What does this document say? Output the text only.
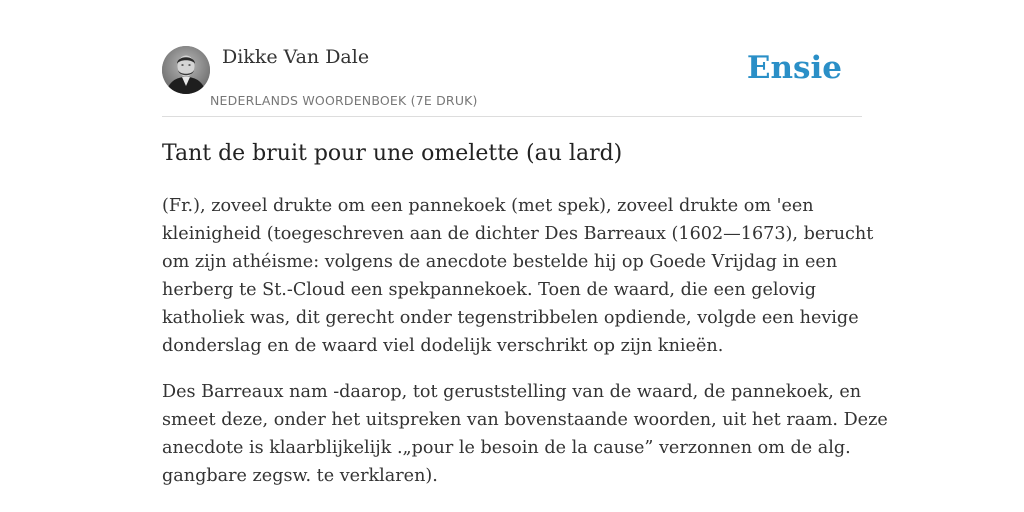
Dikke Van Dale
NEDERLANDS WOORDENBOEK (7E DRUK)
Ensie
Tant de bruit pour une omelette (au lard)

(Fr.), zoveel drukte om een pannekoek (met spek), zoveel drukte om 'een
kleinigheid (toegeschreven aan de dichter Des Barreaux (1602—1673), berucht
om zijn athéisme: volgens de anecdote bestelde hij op Goede Vrijdag in een
herberg te St.-Cloud een spekpannekoek. Toen de waard, die een gelovig
katholiek was, dit gerecht onder tegenstribbelen opdiende, volgde een hevige
donderslag en de waard viel dodelijk verschrikt op zijn knieën.

Des Barreaux nam -daarop, tot geruststelling van de waard, de pannekoek, en
smeet deze, onder het uitspreken van bovenstaande woorden, uit het raam. Deze
anecdote is klaarblijkelijk .„pour le besoin de la cause” verzonnen om de alg.
gangbare zegsw. te verklaren).
